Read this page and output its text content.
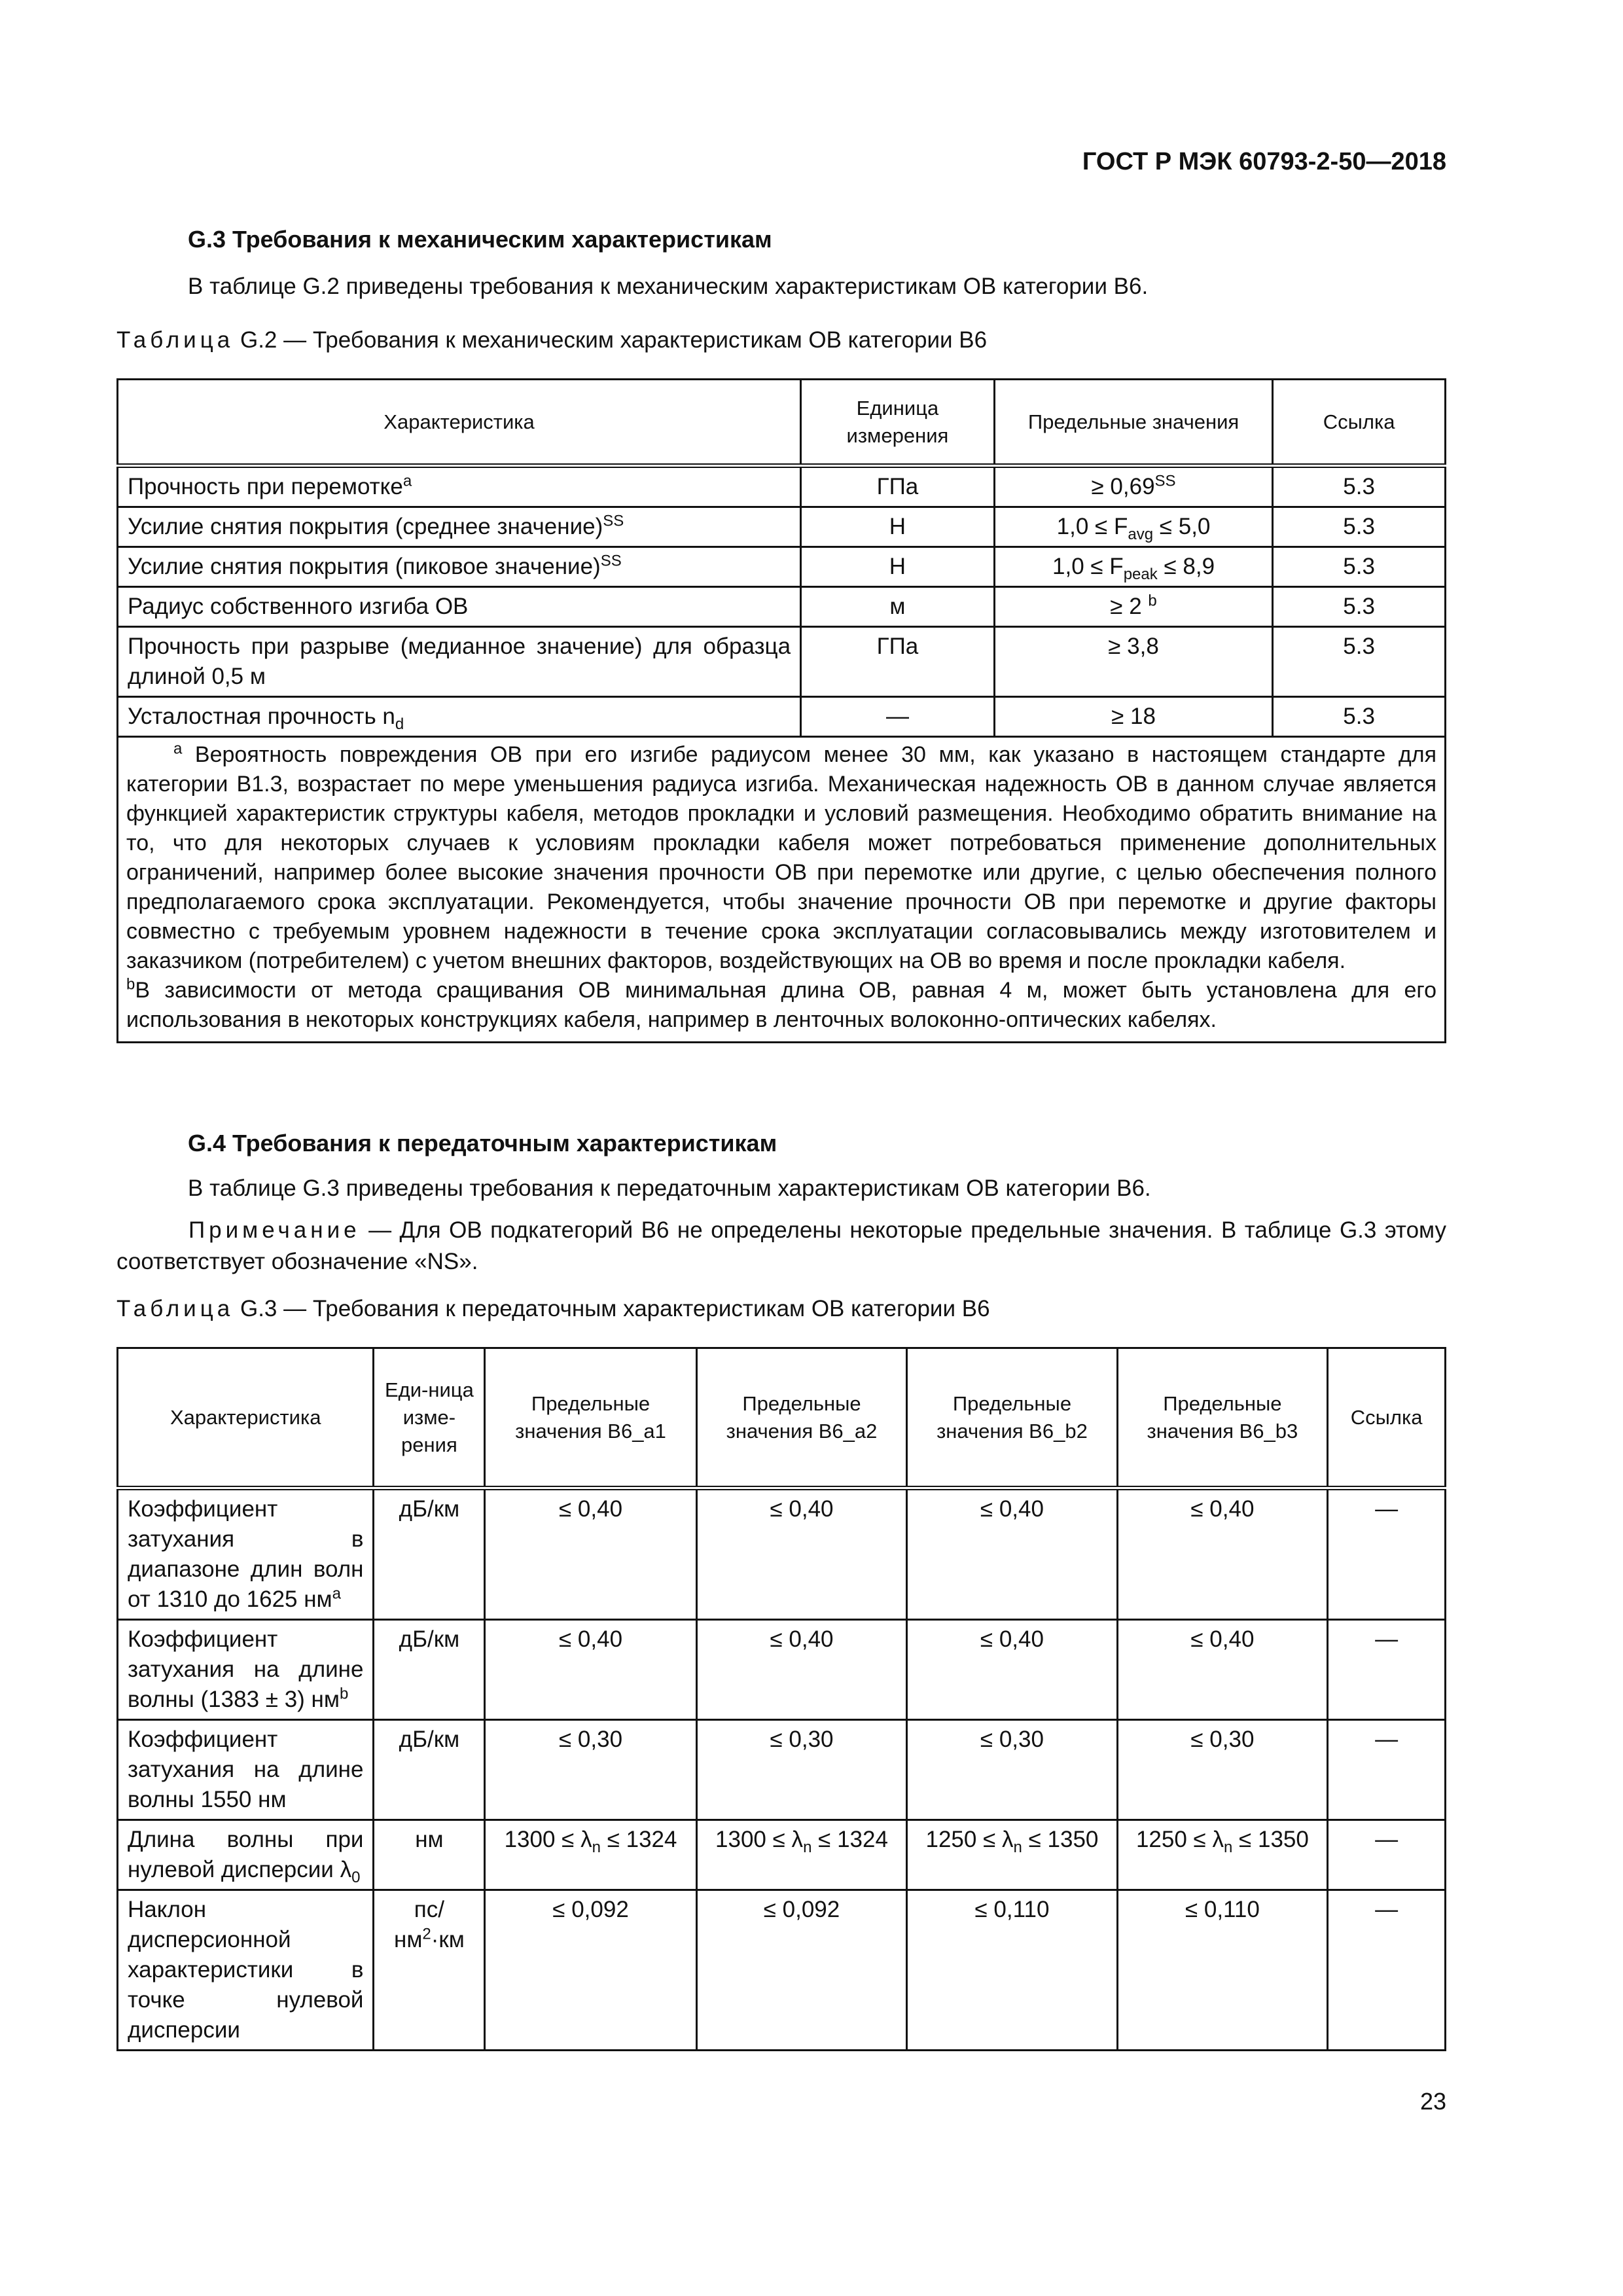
ГОСТ Р МЭК 60793-2-50—2018
G.3 Требования к механическим характеристикам
В таблице G.2 приведены требования к механическим характеристикам ОВ категории В6.
Таблица G.2 — Требования к механическим характеристикам ОВ категории В6
Характеристика	Единица измерения	Предельные значения	Ссылка
Прочность при перемотке$^a$	ГПа	≥ $0,69^{SS}$	5.3
Усилие снятия покрытия (среднее значение)$^{SS}$	Н	$1,0 \le F_{avg} \le 5,0$	5.3
Усилие снятия покрытия (пиковое значение)$^{SS}$	Н	$1,0 \le F_{peak} \le 8,9$	5.3
Радиус собственного изгиба ОВ	м	≥ 2 $^b$	5.3
Прочность при разрыве (медианное значение) для образца длиной 0,5 м	ГПа	≥ 3,8	5.3
Усталостная прочность $n_d$	—	≥ 18	5.3

$^a$ Вероятность повреждения ОВ при его изгибе радиусом менее 30 мм, как указано в настоящем стандарте для категории В1.3, возрастает по мере уменьшения радиуса изгиба. Механическая надежность ОВ в данном случае является функцией характеристик структуры кабеля, методов прокладки и условий размещения. Необходимо обратить внимание на то, что для некоторых случаев к условиям прокладки кабеля может потребоваться применение дополнительных ограничений, например более высокие значения прочности ОВ при перемотке или другие, с целью обеспечения полного предполагаемого срока эксплуатации. Рекомендуется, чтобы значение прочности ОВ при перемотке и другие факторы совместно с требуемым уровнем надежности в течение срока эксплуатации согласовывались между изготовителем и заказчиком (потребителем) с учетом внешних факторов, воздействующих на ОВ во время и после прокладки кабеля.

$^b$В зависимости от метода сращивания ОВ минимальная длина ОВ, равная 4 м, может быть установлена для его использования в некоторых конструкциях кабеля, например в ленточных волоконно-оптических кабелях.			

G.4 Требования к передаточным характеристикам
В таблице G.3 приведены требования к передаточным характеристикам ОВ категории В6.
Примечание — Для ОВ подкатегорий В6 не определены некоторые предельные значения. В таблице G.3 этому соответствует обозначение «NS».
Таблица G.3 — Требования к передаточным характеристикам ОВ категории В6
Характеристика	Еди-ница изме-рения	Предельные значения В6_a1	Предельные значения В6_a2	Предельные значения В6_b2	Предельные значения В6_b3	Ссылка
Коэффициент затухания в диапазоне длин волн от 1310 до 1625 $нм^a$	дБ/км	≤ 0,40	≤ 0,40	≤ 0,40	≤ 0,40	—
Коэффициент затухания на длине волны (1383 ± 3) $нм^b$	дБ/км	≤ 0,40	≤ 0,40	≤ 0,40	≤ 0,40	—
Коэффициент затухания на длине волны 1550 нм	дБ/км	≤ 0,30	≤ 0,30	≤ 0,30	≤ 0,30	—
Длина волны при нулевой дисперсии $\lambda_0$	нм	$1300 \le \lambda_n \le 1324$	$1300 \le \lambda_n \le 1324$	$1250 \le \lambda_n \le 1350$	$1250 \le \lambda_n \le 1350$	—
Наклон дисперсионной характеристики в точке нулевой дисперсии	пс/ $нм^2\cdot км$	≤ 0,092	≤ 0,092	≤ 0,110	≤ 0,110	—
23
